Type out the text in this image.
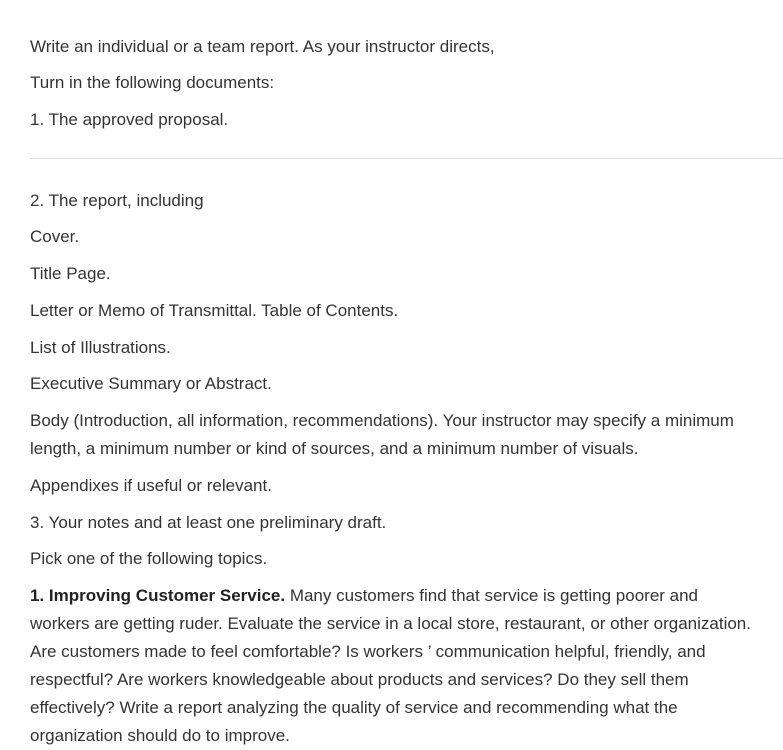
Write an individual or a team report. As your instructor directs,

Turn in the following documents:

1. The approved proposal.

2. The report, including

Cover.

Title Page.

Letter or Memo of Transmittal. Table of Contents.

List of Illustrations.

Executive Summary or Abstract.

Body (Introduction, all information, recommendations). Your instructor may specify a minimum

length, a minimum number or kind of sources, and a minimum number of visuals.

Appendixes if useful or relevant.

3. Your notes and at least one preliminary draft.

Pick one of the following topics.

1. Improving Customer Service. Many customers find that service is getting poorer and

workers are getting ruder. Evaluate the service in a local store, restaurant, or other organization.

Are customers made to feel comfortable? Is workers ’ communication helpful, friendly, and

respectful? Are workers knowledgeable about products and services? Do they sell them

effectively? Write a report analyzing the quality of service and recommending what the

organization should do to improve.
